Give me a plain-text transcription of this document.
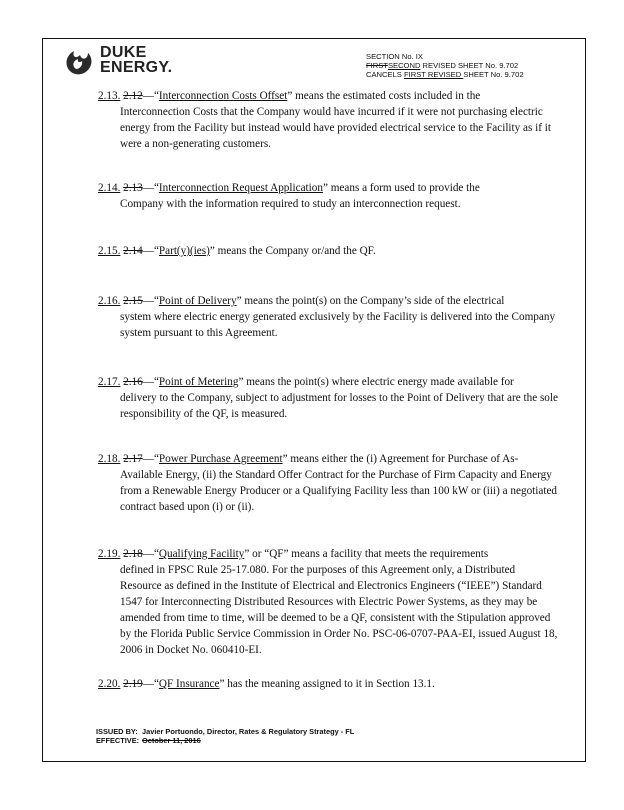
DUKE
ENERGY.
SECTION No. IX
FIRSTSECOND REVISED SHEET No. 9.702
CANCELS FIRST REVISED SHEET No. 9.702
2.13. 2.12—“Interconnection Costs Offset” means the estimated costs included in the
Interconnection Costs that the Company would have incurred if it were not purchasing electric energy from the Facility but instead would have provided electrical service to the Facility as if it were a non-generating customers.
2.14. 2.13—“Interconnection Request Application” means a form used to provide the
Company with the information required to study an interconnection request.
2.15. 2.14—“Part(y)(ies)” means the Company or/and the QF.
2.16. 2.15—“Point of Delivery” means the point(s) on the Company’s side of the electrical
system where electric energy generated exclusively by the Facility is delivered into the Company system pursuant to this Agreement.
2.17. 2.16—“Point of Metering” means the point(s) where electric energy made available for
delivery to the Company, subject to adjustment for losses to the Point of Delivery that are the sole responsibility of the QF, is measured.
2.18. 2.17—“Power Purchase Agreement” means either the (i) Agreement for Purchase of As-
Available Energy, (ii) the Standard Offer Contract for the Purchase of Firm Capacity and Energy from a Renewable Energy Producer or a Qualifying Facility less than 100 kW or (iii) a negotiated contract based upon (i) or (ii).
2.19. 2.18—“Qualifying Facility” or “QF” means a facility that meets the requirements
defined in FPSC Rule 25-17.080. For the purposes of this Agreement only, a Distributed Resource as defined in the Institute of Electrical and Electronics Engineers (“IEEE”) Standard 1547 for Interconnecting Distributed Resources with Electric Power Systems, as they may be amended from time to time, will be deemed to be a QF, consistent with the Stipulation approved by the Florida Public Service Commission in Order No. PSC-06-0707-PAA-EI, issued August 18, 2006 in Docket No. 060410-EI.
2.20. 2.19—“QF Insurance” has the meaning assigned to it in Section 13.1.
ISSUED BY: Javier Portuondo, Director, Rates & Regulatory Strategy - FL
EFFECTIVE: October 11, 2016
